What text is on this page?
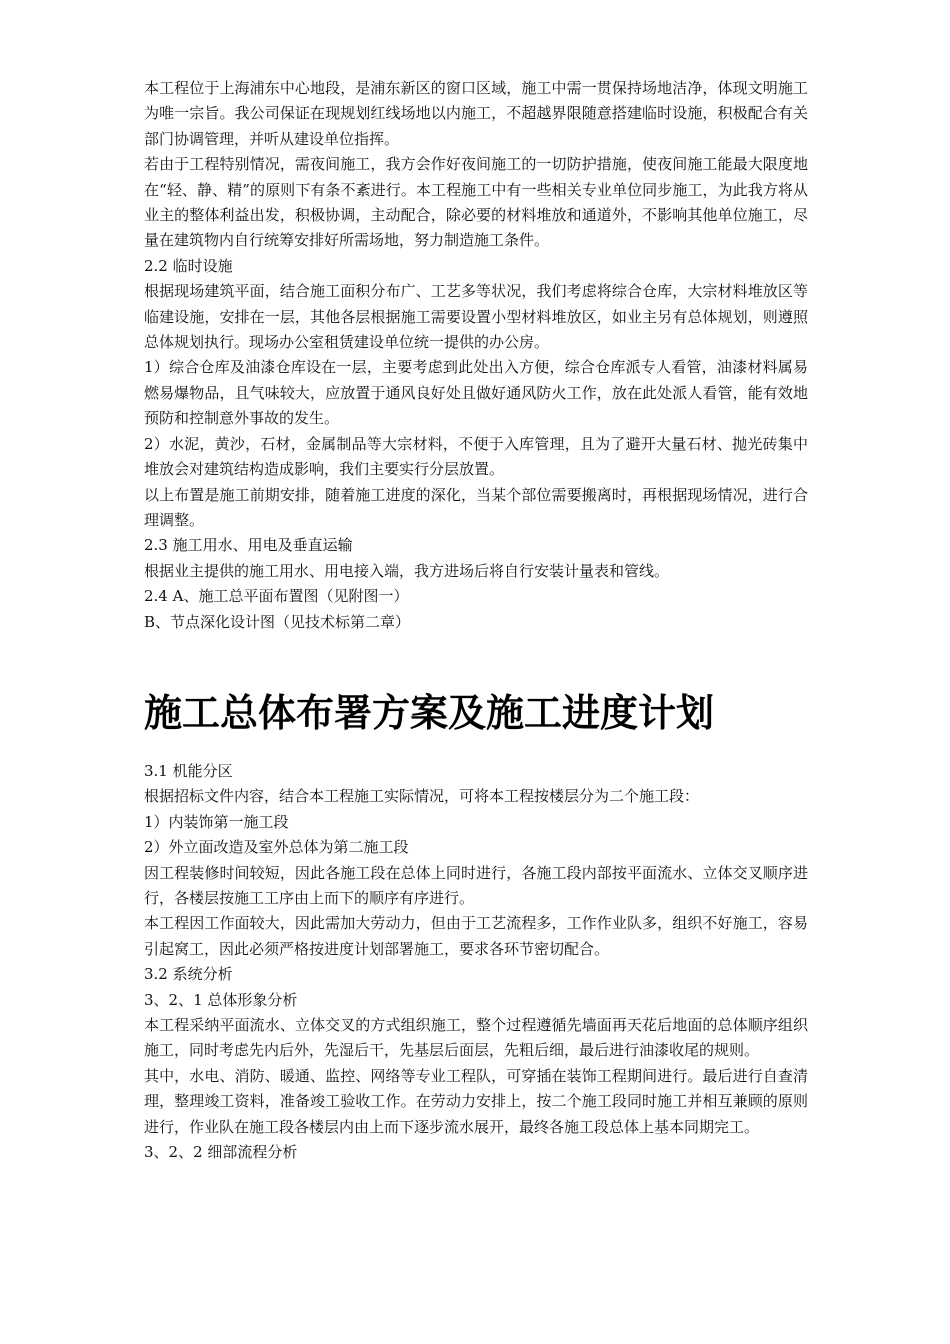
本工程位于上海浦东中心地段，是浦东新区的窗口区域，施工中需一贯保持场地洁净，体现文明施工为唯一宗旨。我公司保证在现规划红线场地以内施工，不超越界限随意搭建临时设施，积极配合有关部门协调管理，并听从建设单位指挥。

若由于工程特别情况，需夜间施工，我方会作好夜间施工的一切防护措施，使夜间施工能最大限度地在“轻、静、精”的原则下有条不紊进行。本工程施工中有一些相关专业单位同步施工，为此我方将从业主的整体利益出发，积极协调，主动配合，除必要的材料堆放和通道外，不影响其他单位施工，尽量在建筑物内自行统筹安排好所需场地，努力制造施工条件。

2.2 临时设施

根据现场建筑平面，结合施工面积分布广、工艺多等状况，我们考虑将综合仓库，大宗材料堆放区等临建设施，安排在一层，其他各层根据施工需要设置小型材料堆放区，如业主另有总体规划，则遵照总体规划执行。现场办公室租赁建设单位统一提供的办公房。

1）综合仓库及油漆仓库设在一层，主要考虑到此处出入方便，综合仓库派专人看管，油漆材料属易燃易爆物品，且气味较大，应放置于通风良好处且做好通风防火工作，放在此处派人看管，能有效地预防和控制意外事故的发生。

2）水泥，黄沙，石材，金属制品等大宗材料，不便于入库管理，且为了避开大量石材、抛光砖集中堆放会对建筑结构造成影响，我们主要实行分层放置。

以上布置是施工前期安排，随着施工进度的深化，当某个部位需要搬离时，再根据现场情况，进行合理调整。

2.3 施工用水、用电及垂直运输

根据业主提供的施工用水、用电接入端，我方进场后将自行安装计量表和管线。

2.4 A、施工总平面布置图（见附图一）

B、节点深化设计图（见技术标第二章）

施工总体布署方案及施工进度计划

3.1 机能分区

根据招标文件内容，结合本工程施工实际情况，可将本工程按楼层分为二个施工段：

1）内装饰第一施工段

2）外立面改造及室外总体为第二施工段

因工程装修时间较短，因此各施工段在总体上同时进行，各施工段内部按平面流水、立体交叉顺序进行，各楼层按施工工序由上而下的顺序有序进行。

本工程因工作面较大，因此需加大劳动力，但由于工艺流程多，工作作业队多，组织不好施工，容易引起窝工，因此必须严格按进度计划部署施工，要求各环节密切配合。

3.2 系统分析

3、2、1 总体形象分析

本工程采纳平面流水、立体交叉的方式组织施工，整个过程遵循先墙面再天花后地面的总体顺序组织施工，同时考虑先内后外，先湿后干，先基层后面层，先粗后细，最后进行油漆收尾的规则。

其中，水电、消防、暖通、监控、网络等专业工程队，可穿插在装饰工程期间进行。最后进行自查清理，整理竣工资料，准备竣工验收工作。在劳动力安排上，按二个施工段同时施工并相互兼顾的原则进行，作业队在施工段各楼层内由上而下逐步流水展开，最终各施工段总体上基本同期完工。

3、2、2 细部流程分析
